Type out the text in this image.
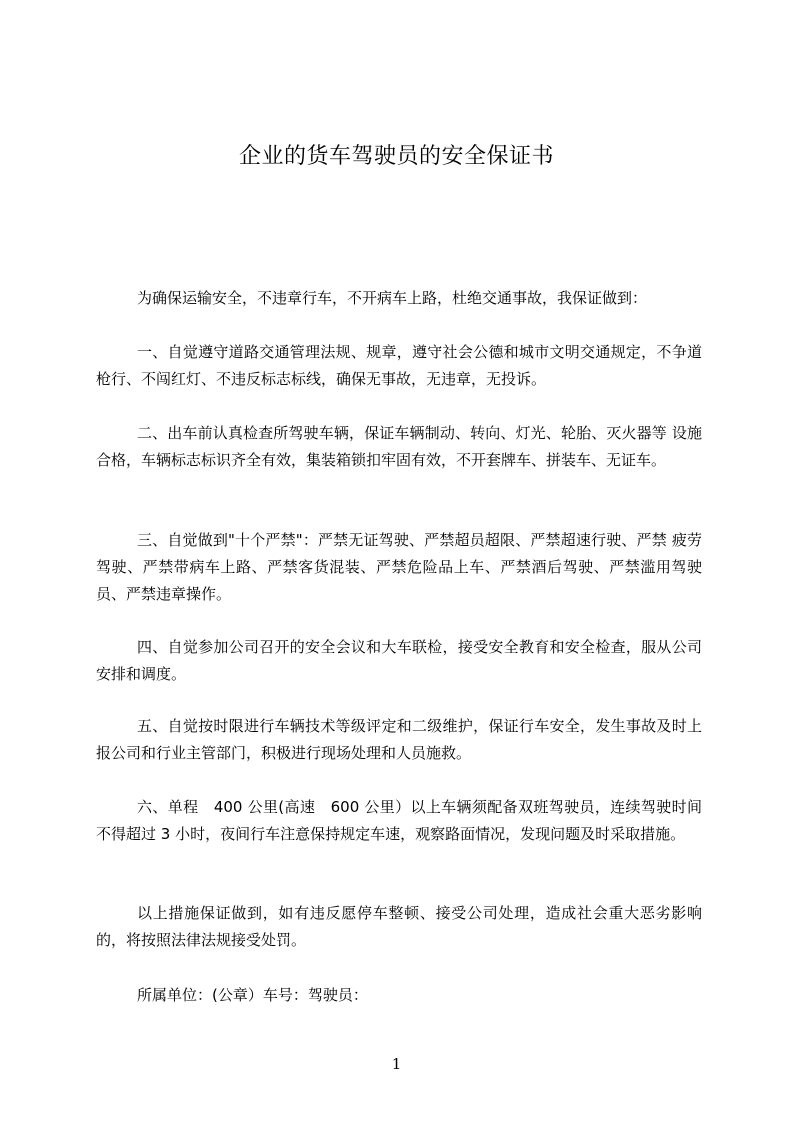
企业的货车驾驶员的安全保证书

为确保运输安全，不违章行车，不开病车上路，杜绝交通事故，我保证做到：

一、自觉遵守道路交通管理法规、规章，遵守社会公德和城市文明交通规定，不争道枪行、不闯红灯、不违反标志标线，确保无事故，无违章，无投诉。

二、出车前认真检查所驾驶车辆，保证车辆制动、转向、灯光、轮胎、灭火器等 设施合格，车辆标志标识齐全有效，集装箱锁扣牢固有效，不开套牌车、拼装车、无证车。

三、自觉做到"十个严禁"：严禁无证驾驶、严禁超员超限、严禁超速行驶、严禁 疲劳驾驶、严禁带病车上路、严禁客货混装、严禁危险品上车、严禁酒后驾驶、严禁滥用驾驶员、严禁违章操作。

四、自觉参加公司召开的安全会议和大车联检，接受安全教育和安全检查，服从公司安排和调度。

五、自觉按时限进行车辆技术等级评定和二级维护，保证行车安全，发生事故及时上报公司和行业主管部门，积极进行现场处理和人员施救。

六、单程　400 公里(高速　600 公里）以上车辆须配备双班驾驶员，连续驾驶时间 不得超过 3 小时，夜间行车注意保持规定车速，观察路面情况，发现问题及时采取措施。

以上措施保证做到，如有违反愿停车整顿、接受公司处理，造成社会重大恶劣影响的，将按照法律法规接受处罚。

所属单位：(公章）车号：驾驶员：

1
